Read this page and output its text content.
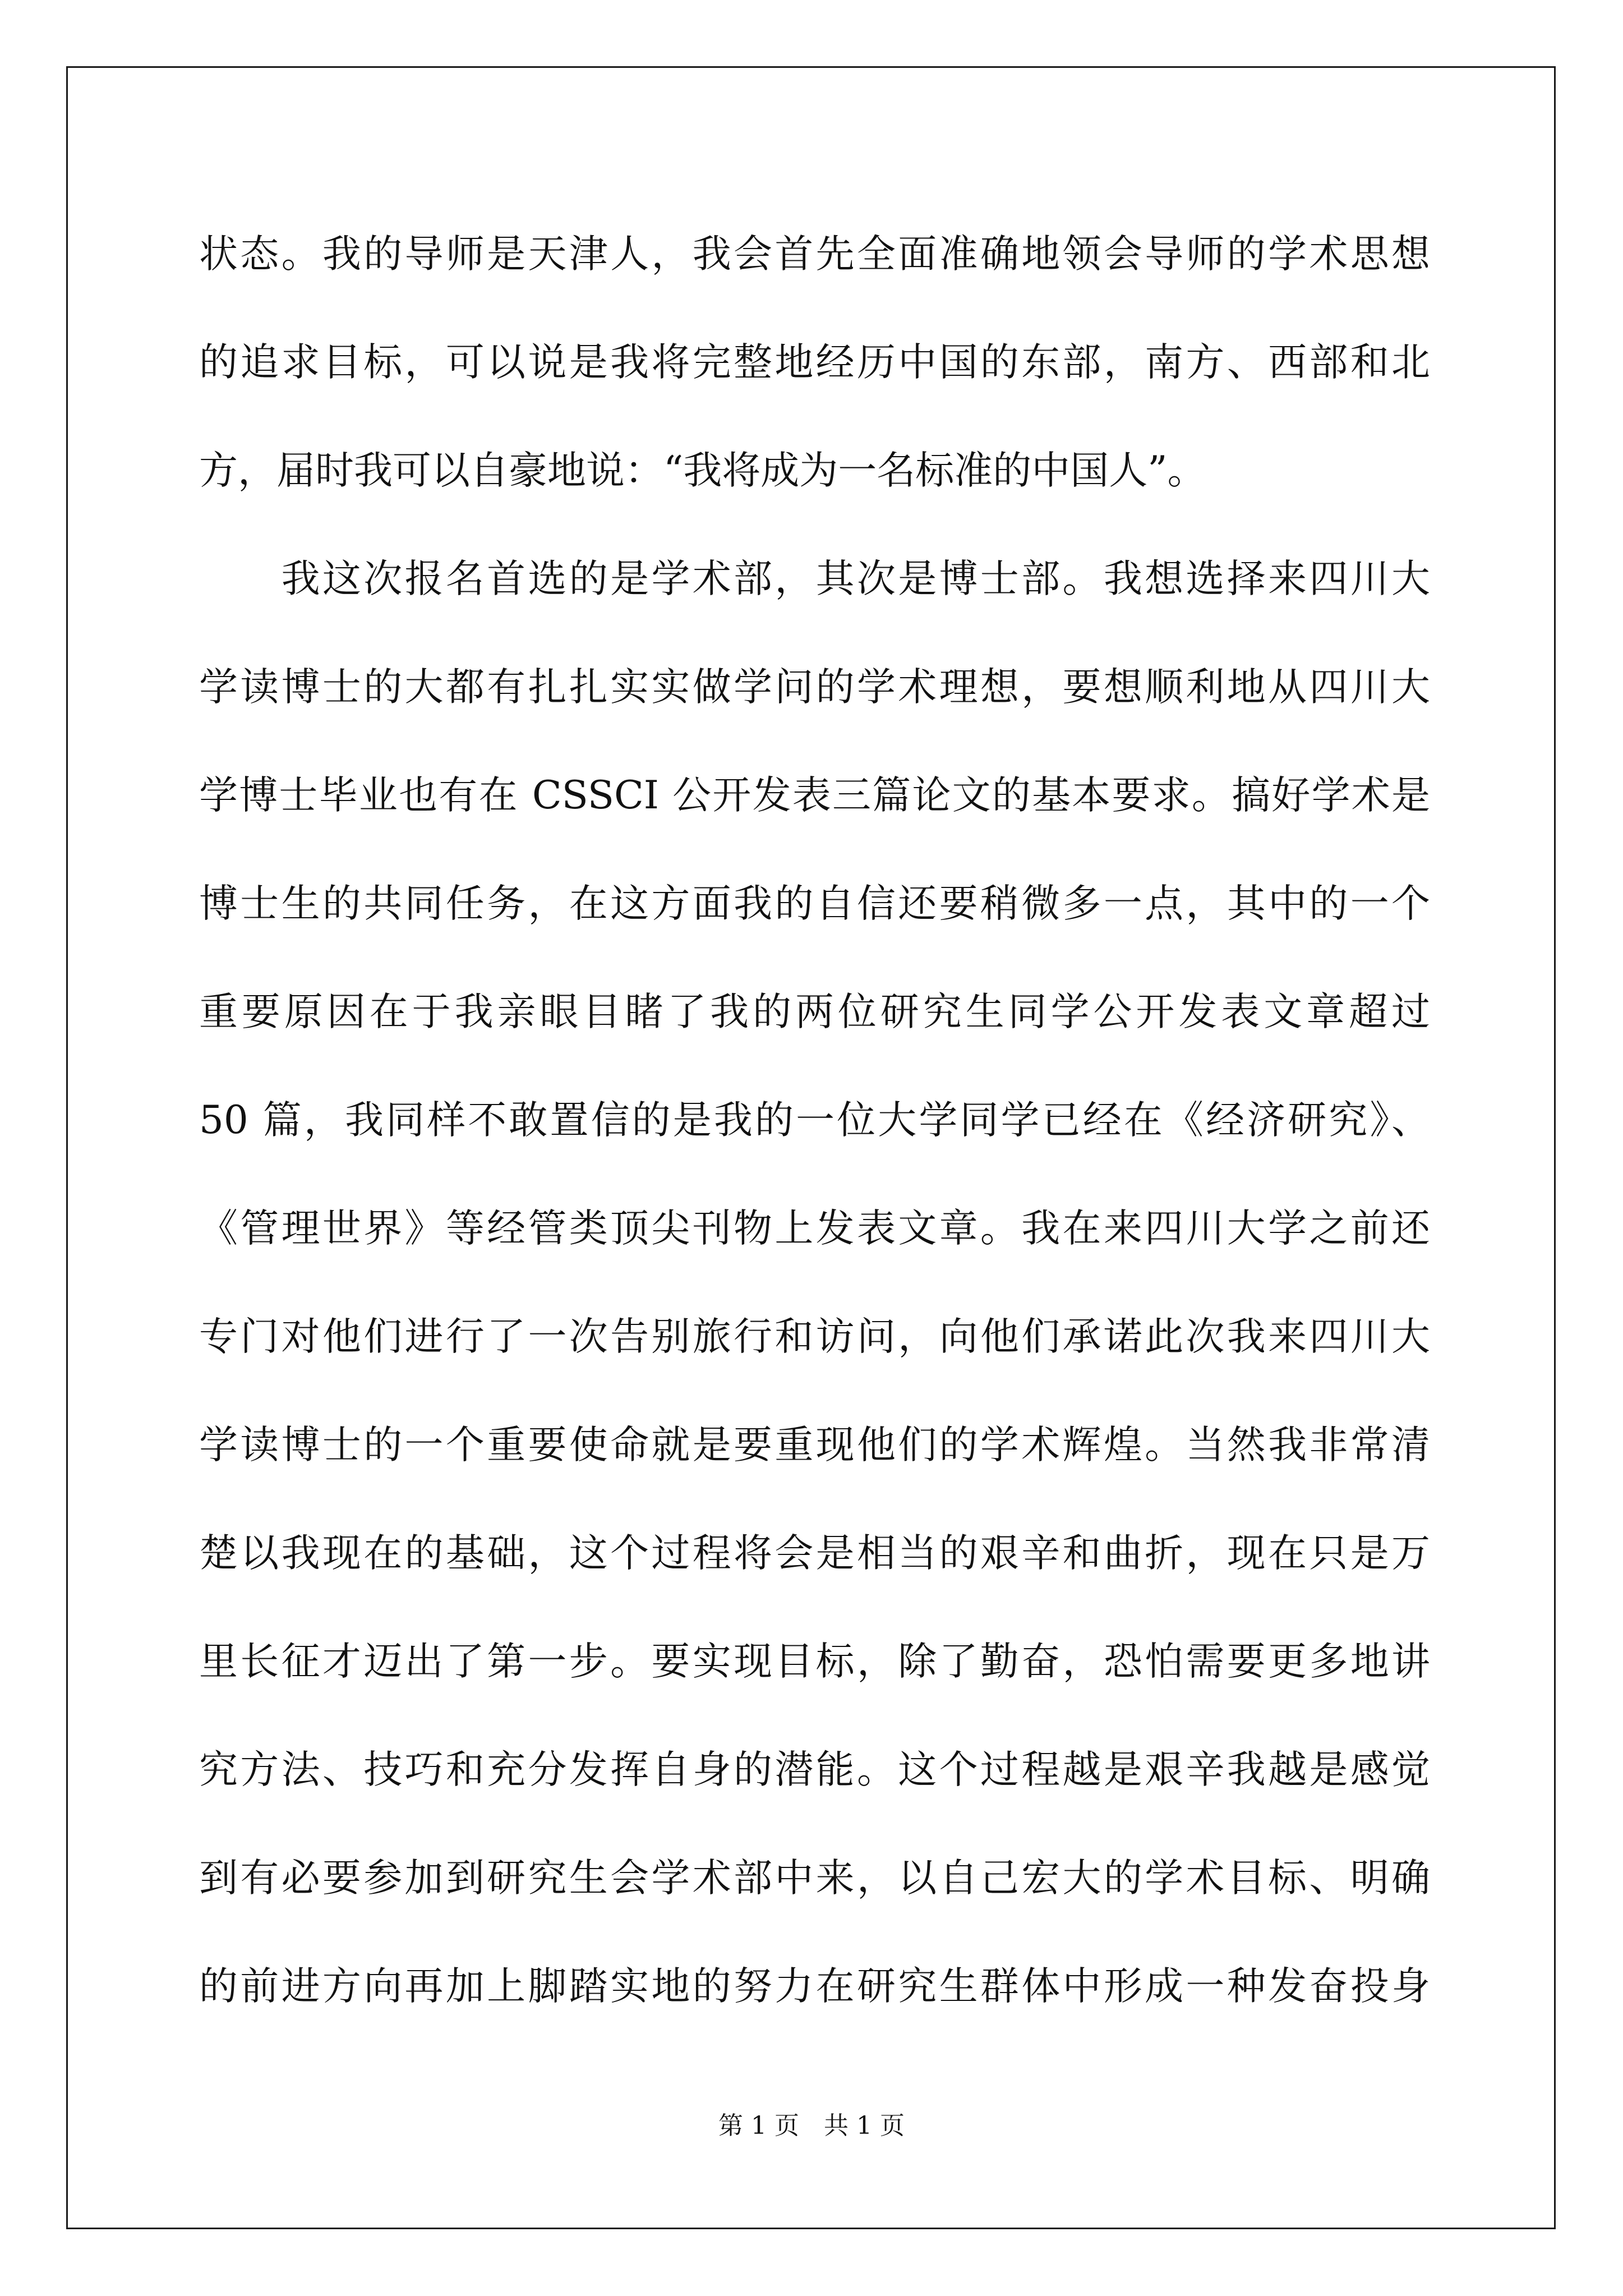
状态。我的导师是天津人，我会首先全面准确地领会导师的学术思想
的追求目标，可以说是我将完整地经历中国的东部，南方、西部和北
方，届时我可以自豪地说：“我将成为一名标准的中国人”。
　　我这次报名首选的是学术部，其次是博士部。我想选择来四川大
学读博士的大都有扎扎实实做学问的学术理想，要想顺利地从四川大
学博士毕业也有在 CSSCI 公开发表三篇论文的基本要求。搞好学术是
博士生的共同任务，在这方面我的自信还要稍微多一点，其中的一个
重要原因在于我亲眼目睹了我的两位研究生同学公开发表文章超过
50 篇，我同样不敢置信的是我的一位大学同学已经在《经济研究》、
《管理世界》等经管类顶尖刊物上发表文章。我在来四川大学之前还
专门对他们进行了一次告别旅行和访问，向他们承诺此次我来四川大
学读博士的一个重要使命就是要重现他们的学术辉煌。当然我非常清
楚以我现在的基础，这个过程将会是相当的艰辛和曲折，现在只是万
里长征才迈出了第一步。要实现目标，除了勤奋，恐怕需要更多地讲
究方法、技巧和充分发挥自身的潜能。这个过程越是艰辛我越是感觉
到有必要参加到研究生会学术部中来，以自己宏大的学术目标、明确
的前进方向再加上脚踏实地的努力在研究生群体中形成一种发奋投身
第 1 页　共 1 页
